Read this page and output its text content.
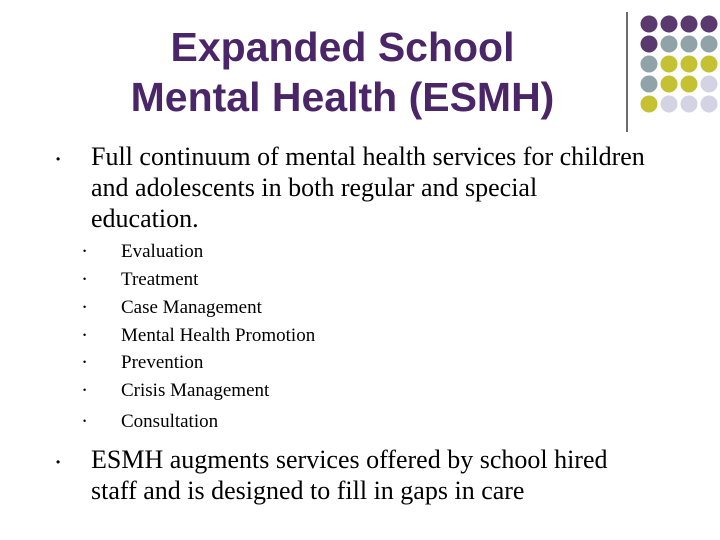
Expanded School
Mental Health (ESMH)
• Full continuum of mental health services for children and adolescents in both regular and special education.
• Evaluation
• Treatment
• Case Management
• Mental Health Promotion
• Prevention
• Crisis Management
• Consultation
• ESMH augments services offered by school hired staff and is designed to fill in gaps in care
